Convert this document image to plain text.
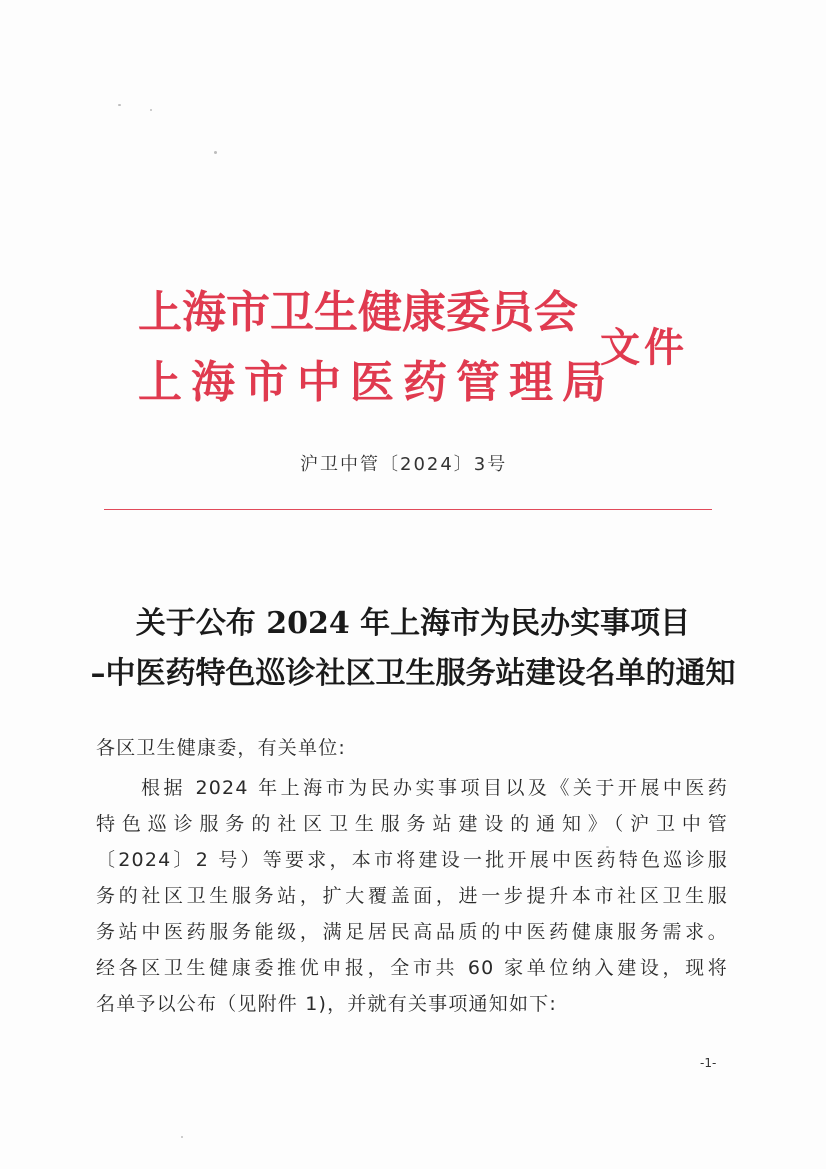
上海市卫生健康委员会
上海市中医药管理局
文件
沪卫中管〔2024〕3号
关于公布 2024 年上海市为民办实事项目
–中医药特色巡诊社区卫生服务站建设名单的通知
各区卫生健康委，有关单位:
　　根据 2024 年上海市为民办实事项目以及《关于开展中医药
特色巡诊服务的社区卫生服务站建设的通知》（沪卫中管
〔2024〕2 号）等要求，本市将建设一批开展中医药特色巡诊服
务的社区卫生服务站，扩大覆盖面，进一步提升本市社区卫生服
务站中医药服务能级，满足居民高品质的中医药健康服务需求。
经各区卫生健康委推优申报，全市共 60 家单位纳入建设，现将
名单予以公布（见附件 1)，并就有关事项通知如下:
-1-
